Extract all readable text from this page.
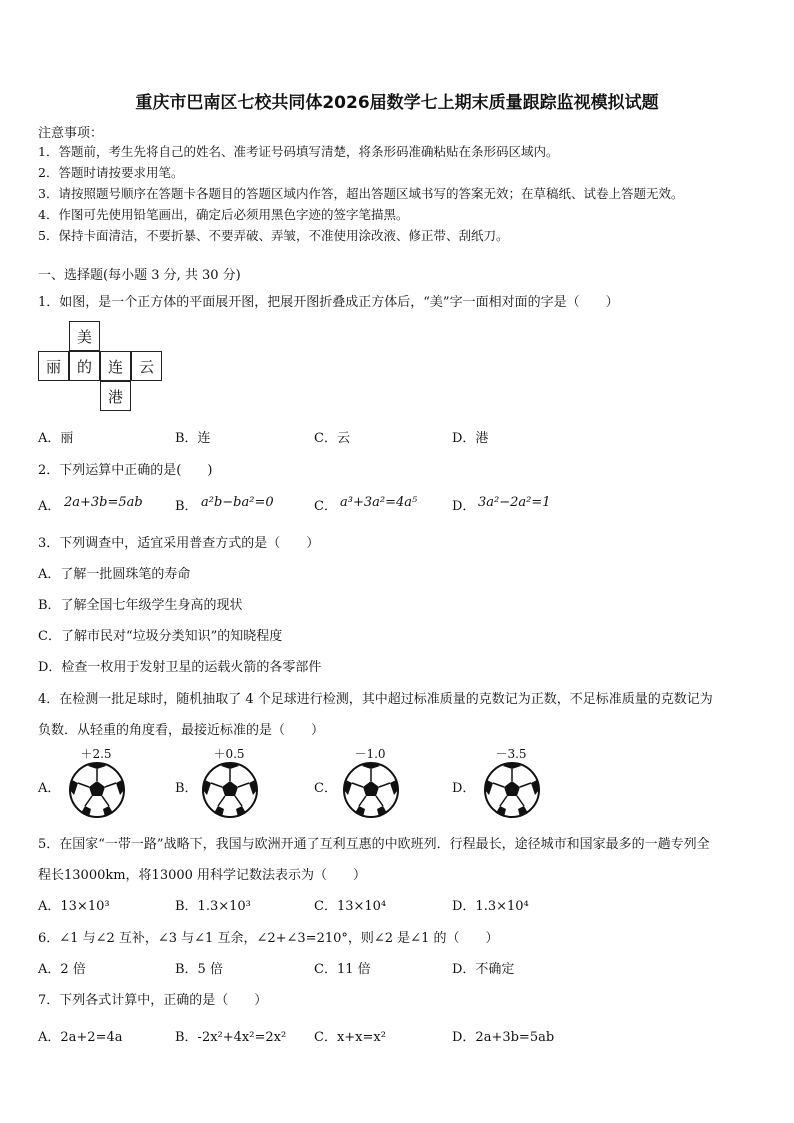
重庆市巴南区七校共同体2026届数学七上期末质量跟踪监视模拟试题
注意事项：
1．答题前，考生先将自己的姓名、准考证号码填写清楚，将条形码准确粘贴在条形码区域内。
2．答题时请按要求用笔。
3．请按照题号顺序在答题卡各题目的答题区域内作答，超出答题区域书写的答案无效；在草稿纸、试卷上答题无效。
4．作图可先使用铅笔画出，确定后必须用黑色字迹的签字笔描黑。
5．保持卡面清洁，不要折暴、不要弄破、弄皱，不准使用涂改液、修正带、刮纸刀。
一、选择题(每小题 3 分, 共 30 分)
1．如图，是一个正方体的平面展开图，把展开图折叠成正方体后，“美”字一面相对面的字是（　　）
美
丽	的	连	云
港
A．丽	B．连	C．云	D．港
2．下列运算中正确的是(　　)
A． 2a+3b=5ab B． a²b−ba²=0	C． a³+3a²=4a⁵	D． 3a²−2a²=1
3．下列调查中，适宜采用普查方式的是（　　）
A．了解一批圆珠笔的寿命
B．了解全国七年级学生身高的现状
C．了解市民对“垃圾分类知识”的知晓程度
D．检查一枚用于发射卫星的运载火箭的各零部件
4．在检测一批足球时，随机抽取了 4 个足球进行检测，其中超过标准质量的克数记为正数，不足标准质量的克数记为
负数．从轻重的角度看，最接近标准的是（　　）
A．
＋2.5
B．
＋0.5
C．
－1.0
D．
－3.5
5．在国家“一带一路”战略下，我国与欧洲开通了互利互惠的中欧班列．行程最长，途径城市和国家最多的一趟专列全
程长13000km，将13000 用科学记数法表示为（　　）
A．13×10³	B．1.3×10³	C．13×10⁴	D．1.3×10⁴
6．∠1 与∠2 互补，∠3 与∠1 互余，∠2+∠3=210°，则∠2 是∠1 的（　　）
A．2 倍	B．5 倍	C．11 倍	D．不确定
7．下列各式计算中，正确的是（　　）
A．2a+2=4a	B．-2x²+4x²=2x² C．x+x=x²	D．2a+3b=5ab
